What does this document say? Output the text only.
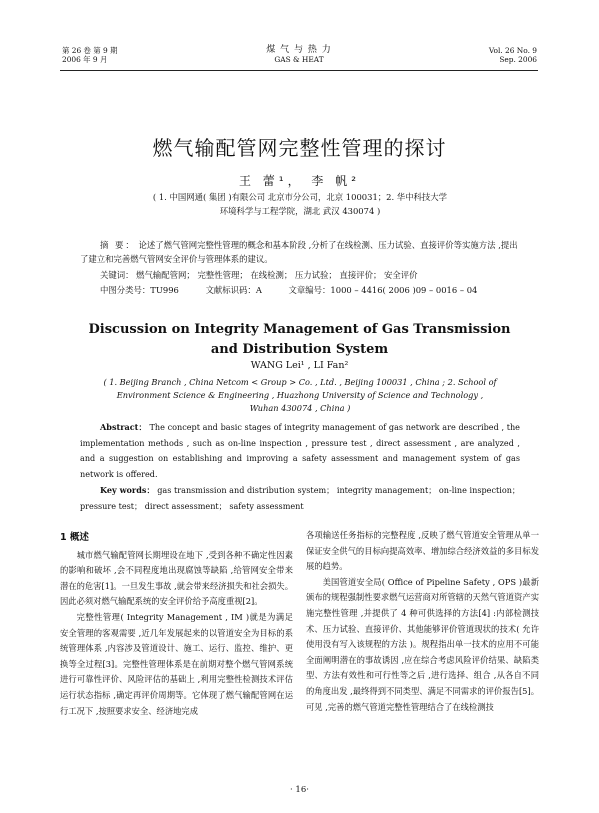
第 26 卷 第 9 期
2006 年 9 月
煤 气 与 热 力
GAS & HEAT
Vol. 26 No. 9
Sep. 2006
燃气输配管网完整性管理的探讨
王 蕾¹， 李 帆²
( 1. 中国网通( 集团 )有限公司 北京市分公司，北京 100031；2. 华中科技大学
环境科学与工程学院，湖北 武汉 430074 )
摘 要： 论述了燃气管网完整性管理的概念和基本阶段 ,分析了在线检测、压力试验、直接评价等实施方法 ,提出了建立和完善燃气管网安全评价与管理体系的建议。
关键词： 燃气输配管网； 完整性管理； 在线检测； 压力试验； 直接评价； 安全评价
中图分类号：TU996	文献标识码：A	文章编号：1000 – 4416( 2006 )09 – 0016 – 04
Discussion on Integrity Management of Gas Transmission
and Distribution System
WANG Lei¹ , LI Fan²
( 1. Beijing Branch , China Netcom < Group > Co. , Ltd. , Beijing 100031 , China ; 2. School of
Environment Science & Engineering , Huazhong University of Science and Technology ,
Wuhan 430074 , China )
Abstract： The concept and basic stages of integrity management of gas network are described , the implementation methods , such as on-line inspection , pressure test , direct assessment , are analyzed , and a suggestion on establishing and improving a safety assessment and management system of gas network is offered.
Key words： gas transmission and distribution system； integrity management； on-line inspection； pressure test； direct assessment； safety assessment
1 概述

城市燃气输配管网长期埋设在地下 ,受到各种不确定性因素的影响和破坏 ,会不同程度地出现腐蚀等缺陷 ,给管网安全带来潜在的危害[1]。一旦发生事故 ,就会带来经济损失和社会损失。因此必须对燃气输配系统的安全评价给予高度重视[2]。

完整性管理( Integrity Management , IM )就是为满足安全管理的客观需要 ,近几年发展起来的以管道安全为目标的系统管理体系 ,内容涉及管道设计、施工、运行、监控、维护、更换等全过程[3]。完整性管理体系是在前期对整个燃气管网系统进行可靠性评价、风险评估的基础上 ,利用完整性检测技术评估运行状态指标 ,确定再评价周期等。它体现了燃气输配管网在运行工况下 ,按照要求安全、经济地完成

各项输送任务指标的完整程度 ,反映了燃气管道安全管理从单一保证安全供气的目标向提高效率、增加综合经济效益的多目标发展的趋势。

美国管道安全局( Office of Pipeline Safety , OPS )最新颁布的规程强制性要求燃气运营商对所管辖的天然气管道资产实施完整性管理 ,并提供了 4 种可供选择的方法[4] :内部检测技术、压力试验、直接评价、其他能够评价管道现状的技术( 允许使用没有写入该规程的方法 )。规程指出单一技术的应用不可能全面阐明潜在的事故诱因 ,应在综合考虑风险评价结果、缺陷类型、方法有效性和可行性等之后 ,进行选择、组合 ,从各自不同的角度出发 ,最终得到不同类型、满足不同需求的评价报告[5]。可见 ,完善的燃气管道完整性管理结合了在线检测技

· 16·
